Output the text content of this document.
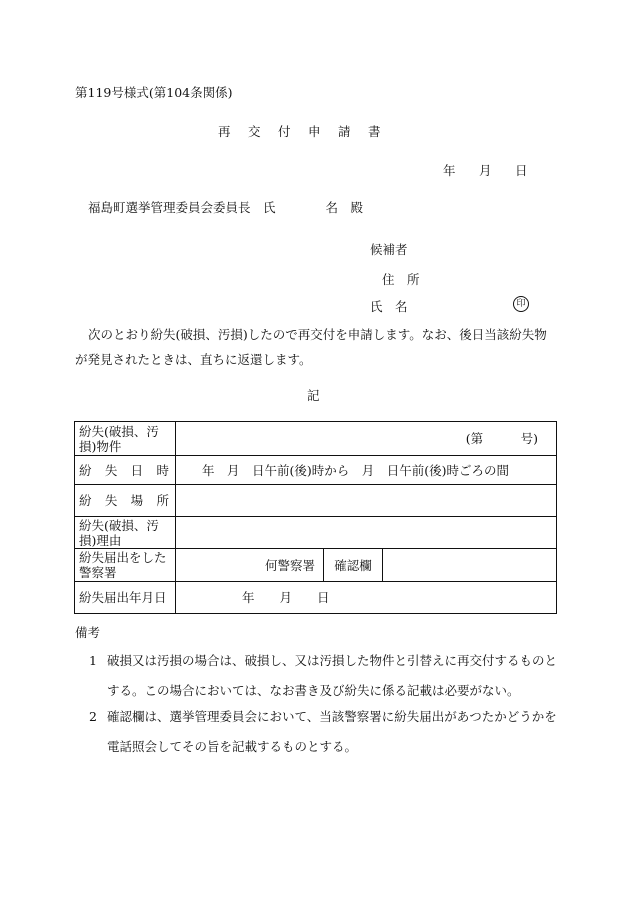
第119号様式(第104条関係)
再 交 付 申 請 書
年 月 日
福島町選挙管理委員会委員長　氏　　　　名　殿
候補者
住　所
氏　名	印
次のとおり紛失(破損、汚損)したので再交付を申請します。なお、後日当該紛失物が発見されたときは、直ちに返還します。
記
紛失(破損、汚損)物件	(第　　　号)

紛 失 日 時	年　月　日午前(後)時から　月　日午前(後)時ごろの間

紛 失 場 所	

紛失(破損、汚損)理由	
紛失届出をした警察署	何警察署 確認欄

紛失届出年月日	年　　月　　日
備考
1 破損又は汚損の場合は、破損し、又は汚損した物件と引替えに再交付するものとする。この場合においては、なお書き及び紛失に係る記載は必要がない。
2 確認欄は、選挙管理委員会において、当該警察署に紛失届出があつたかどうかを電話照会してその旨を記載するものとする。
